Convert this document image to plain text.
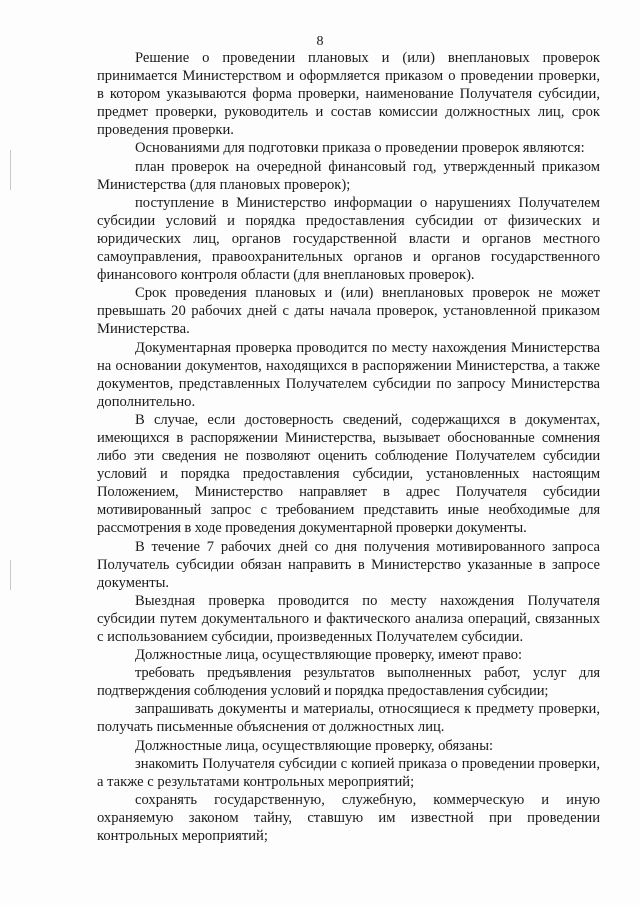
8

Решение о проведении плановых и (или) внеплановых проверок принимается Министерством и оформляется приказом о проведении проверки, в котором указываются форма проверки, наименование Получателя субсидии, предмет проверки, руководитель и состав комиссии должностных лиц, срок проведения проверки.

Основаниями для подготовки приказа о проведении проверок являются:

план проверок на очередной финансовый год, утвержденный приказом Министерства (для плановых проверок);

поступление в Министерство информации о нарушениях Получателем субсидии условий и порядка предоставления субсидии от физических и юридических лиц, органов государственной власти и органов местного самоуправления, правоохранительных органов и органов государственного финансового контроля области (для внеплановых проверок).

Срок проведения плановых и (или) внеплановых проверок не может превышать 20 рабочих дней с даты начала проверок, установленной приказом Министерства.

Документарная проверка проводится по месту нахождения Министерства на основании документов, находящихся в распоряжении Министерства, а также документов, представленных Получателем субсидии по запросу Министерства дополнительно.

В случае, если достоверность сведений, содержащихся в документах, имеющихся в распоряжении Министерства, вызывает обоснованные сомнения либо эти сведения не позволяют оценить соблюдение Получателем субсидии условий и порядка предоставления субсидии, установленных настоящим Положением, Министерство направляет в адрес Получателя субсидии мотивированный запрос с требованием представить иные необходимые для рассмотрения в ходе проведения документарной проверки документы.

В течение 7 рабочих дней со дня получения мотивированного запроса Получатель субсидии обязан направить в Министерство указанные в запросе документы.

Выездная проверка проводится по месту нахождения Получателя субсидии путем документального и фактического анализа операций, связанных с использованием субсидии, произведенных Получателем субсидии.

Должностные лица, осуществляющие проверку, имеют право:

требовать предъявления результатов выполненных работ, услуг для подтверждения соблюдения условий и порядка предоставления субсидии;

запрашивать документы и материалы, относящиеся к предмету проверки, получать письменные объяснения от должностных лиц.

Должностные лица, осуществляющие проверку, обязаны:

знакомить Получателя субсидии с копией приказа о проведении проверки, а также с результатами контрольных мероприятий;

сохранять государственную, служебную, коммерческую и иную охраняемую законом тайну, ставшую им известной при проведении контрольных мероприятий;
